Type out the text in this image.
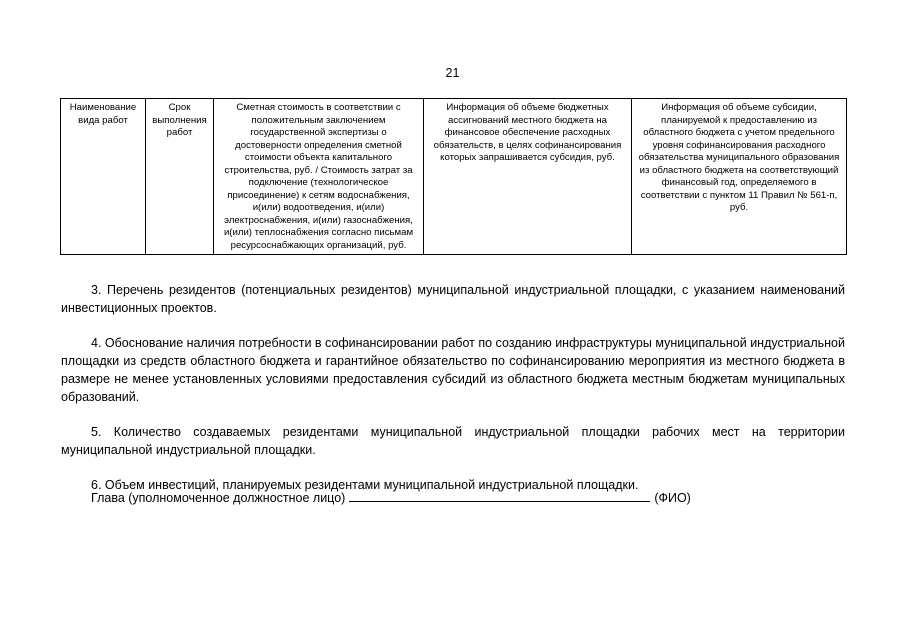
21
Наименование вида работ	Срок выполнения работ	Сметная стоимость в соответствии с положительным заключением государственной экспертизы о достоверности определения сметной стоимости объекта капитального строительства, руб. / Стоимость затрат за подключение (технологическое присоединение) к сетям водоснабжения, и(или) водоотведения, и(или) электроснабжения, и(или) газоснабжения, и(или) теплоснабжения согласно письмам ресурсоснабжающих организаций, руб.	Информация об объеме бюджетных ассигнований местного бюджета на финансовое обеспечение расходных обязательств, в целях софинансирования которых запрашивается субсидия, руб.	Информация об объеме субсидии, планируемой к предоставлению из областного бюджета с учетом предельного уровня софинансирования расходного обязательства муниципального образования из областного бюджета на соответствующий финансовый год, определяемого в соответствии с пунктом 11 Правил № 561-п, руб.

3. Перечень резидентов (потенциальных резидентов) муниципальной индустриальной площадки, с указанием наименований инвестиционных проектов.

4. Обоснование наличия потребности в софинансировании работ по созданию инфраструктуры муниципальной индустриальной площадки из средств областного бюджета и гарантийное обязательство по софинансированию мероприятия из местного бюджета в размере не менее установленных условиями предоставления субсидий из областного бюджета местным бюджетам муниципальных образований.

5. Количество создаваемых резидентами муниципальной индустриальной площадки рабочих мест на территории муниципальной индустриальной площадки.

6. Объем инвестиций, планируемых резидентами муниципальной индустриальной площадки.

Глава (уполномоченное должностное лицо)	(ФИО)
